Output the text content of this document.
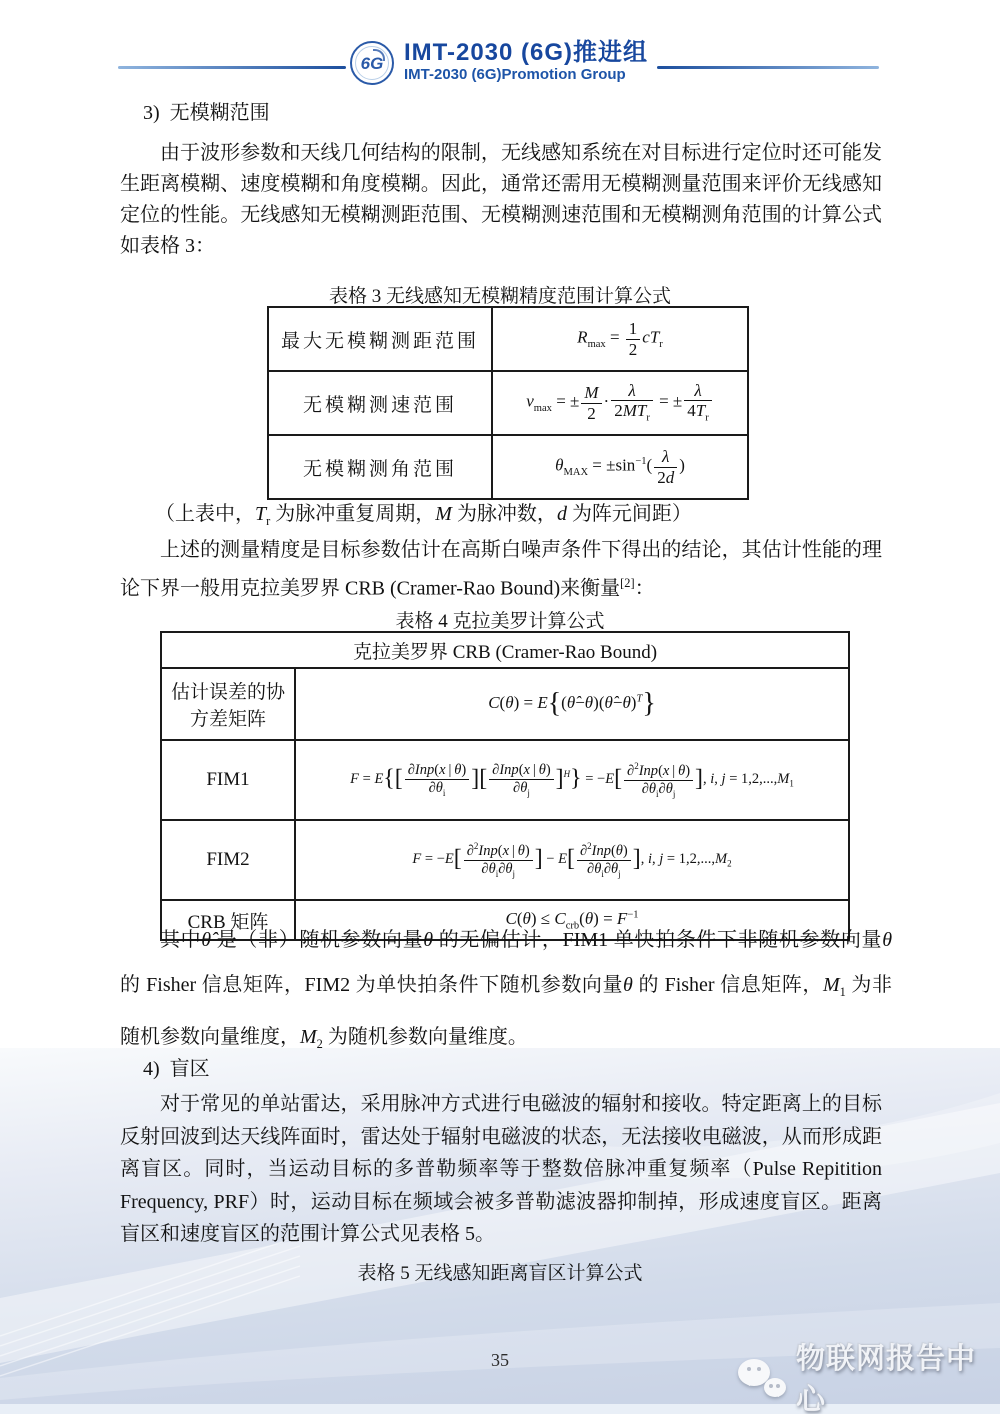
6G IMT-2030 (6G)推进组
IMT-2030 (6G)Promotion Group
3)  无模糊范围
由于波形参数和天线几何结构的限制，无线感知系统在对目标进行定位时还可能发生距离模糊、速度模糊和角度模糊。因此，通常还需用无模糊测量范围来评价无线感知定位的性能。无线感知无模糊测距范围、无模糊测速范围和无模糊测角范围的计算公式如表格 3：
表格 3 无线感知无模糊精度范围计算公式
最大无模糊测距范围	$R_{max} = \frac{1}{2} cT_r$
无模糊测速范围	$v_{max}$ = ± $\frac{M}{2} \cdot \frac{\lambda}{2MT_r}$ = ± $\frac{\lambda}{4T_r}$

无模糊测角范围	$\theta_{MAX} = \pm\sin^{-1}( \frac{\lambda}{2d}$ )
（上表中，$T_r$ 为脉冲重复周期，M 为脉冲数，d 为阵元间距）
上述的测量精度是目标参数估计在高斯白噪声条件下得出的结论，其估计性能的理论下界一般用克拉美罗界 CRB (Cramer-Rao Bound)来衡量[2]：
表格 4 克拉美罗计算公式
克拉美罗界 CRB (Cramer-Rao Bound)	
估计误差的协方差矩阵	C(θ) = E{(θ̂−θ)(θ̂−θ)$^T$}
FIM1	$F = E\{[ \frac{\text{∂Inp(x | θ)}}{\partial\theta_i}$ ][ $\frac{\text{∂Inp(x | θ)}}{\partial\theta_j} ]^H\} = -E[ \frac{\partial^2Inp(x | \theta)}{\partial\theta_i\partial\theta_j}$ ], i, $j = 1,2,...,M_1$
FIM2	$F = -E[ \frac{\partial^2Inp(x | \theta)}{\partial\theta_i\partial\theta_j}$ ] − $E[ \frac{\partial^2Inp(\theta)}{\partial\theta_i\partial\theta_j}$ ], i, $j = 1,2,...,M_2$
CRB 矩阵	$C(\theta) \le C_{crb}(\theta) = F^{-1}$
其中θ̂ 是（非）随机参数向量θ 的无偏估计，FIM1 单快拍条件下非随机参数向量θ 的 Fisher 信息矩阵，FIM2 为单快拍条件下随机参数向量θ 的 Fisher 信息矩阵，$M_1$ 为非随机参数向量维度，$M_2$ 为随机参数向量维度。
4)  盲区
对于常见的单站雷达，采用脉冲方式进行电磁波的辐射和接收。特定距离上的目标反射回波到达天线阵面时，雷达处于辐射电磁波的状态，无法接收电磁波，从而形成距离盲区。同时，当运动目标的多普勒频率等于整数倍脉冲重复频率（Pulse Repitition Frequency, PRF）时，运动目标在频域会被多普勒滤波器抑制掉，形成速度盲区。距离盲区和速度盲区的范围计算公式见表格 5。
表格 5 无线感知距离盲区计算公式
35	物联网报告中心
